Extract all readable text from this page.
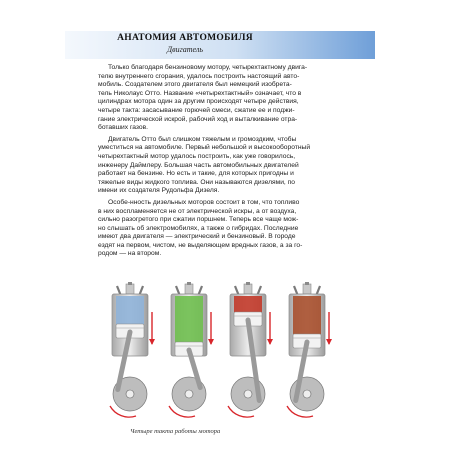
АНАТОМИЯ АВТОМОБИЛЯ
Двигатель
Только благодаря бензиновому мотору, четырехтактному двига-
телю внутреннего сгорания, удалось построить настоящий авто-
мобиль. Создателем этого двигателя был немецкий изобрета-
тель Николаус Отто. Название «четырехтактный» означает, что в
цилиндрах мотора один за другим происходят четыре действия,
четыре такта: засасывание горючей смеси, сжатие ее и поджи-
гание электрической искрой, рабочий ход и выталкивание отра-
ботавших газов.
Двигатель Отто был слишком тяжелым и громоздким, чтобы
уместиться на автомобиле. Первый небольшой и высокооборотный
четырехтактный мотор удалось построить, как уже говорилось,
инженеру Даймлеру. Большая часть автомобильных двигателей
работает на бензине. Но есть и такие, для которых пригодны и
тяжелые виды жидкого топлива. Они называются дизелями, по
имени их создателя Рудольфа Дизеля.
Особе-нность дизельных моторов состоит в том, что топливо
в них воспламеняется не от электрической искры, а от воздуха,
сильно разогретого при сжатии поршнем. Теперь все чаще мож-
но слышать об электромобилях, а также о гибридах. Последние
имеют два двигателя — электрический и бензиновый. В городе
ездят на первом, чистом, не выделяющем вредных газов, а за го-
родом — на втором.
Четыре такта работы мотора
